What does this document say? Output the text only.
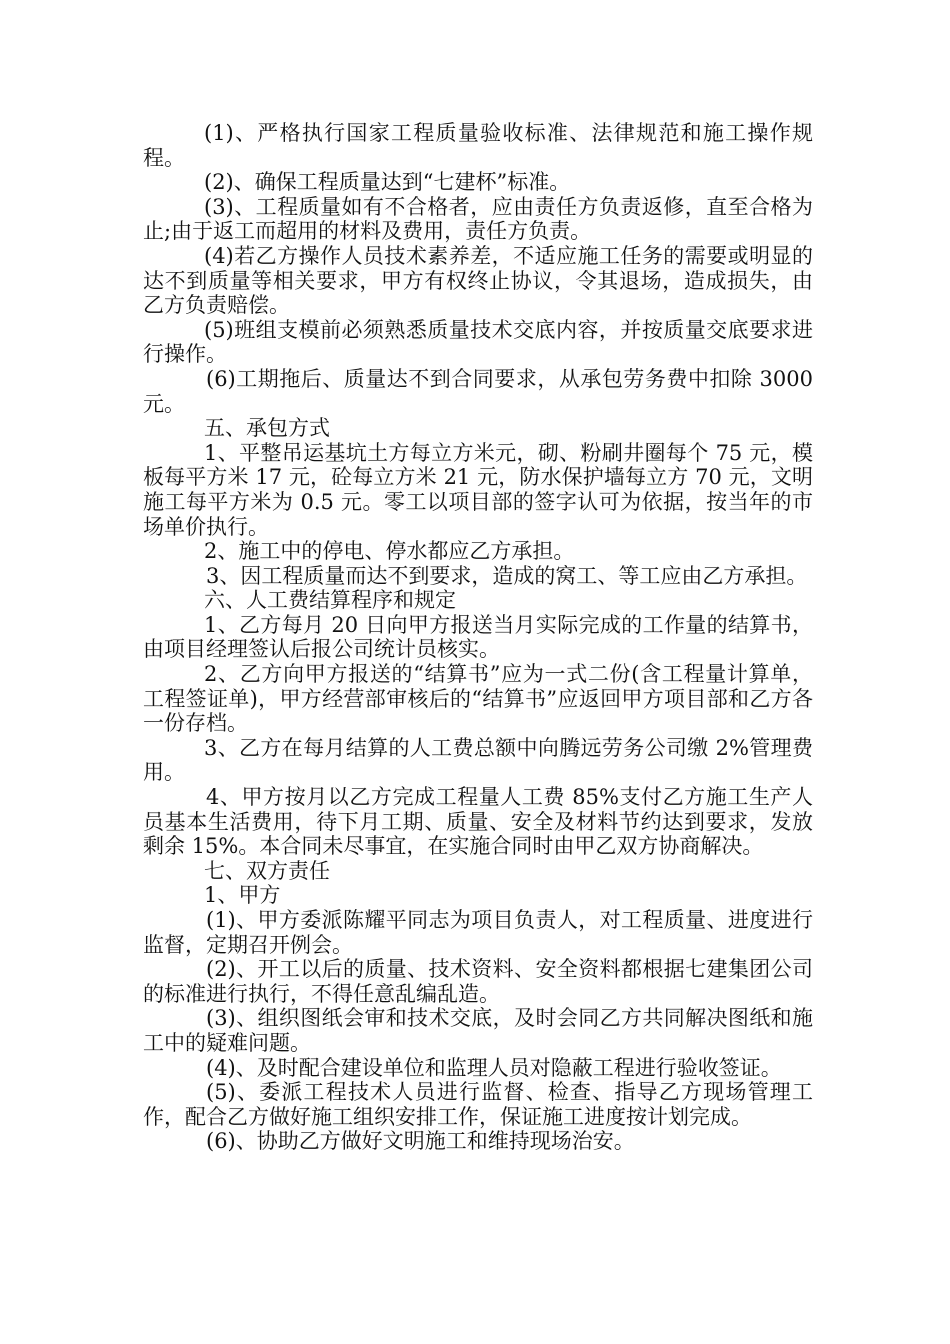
(1)、严格执行国家工程质量验收标准、法律规范和施工操作规程。

(2)、确保工程质量达到“七建杯”标准。

(3)、工程质量如有不合格者，应由责任方负责返修，直至合格为止;由于返工而超用的材料及费用，责任方负责。

(4)若乙方操作人员技术素养差，不适应施工任务的需要或明显的达不到质量等相关要求，甲方有权终止协议，令其退场，造成损失，由乙方负责赔偿。

(5)班组支模前必须熟悉质量技术交底内容，并按质量交底要求进行操作。

(6)工期拖后、质量达不到合同要求，从承包劳务费中扣除 3000 元。

五、承包方式

1、平整吊运基坑土方每立方米元，砌、粉刷井圈每个 75 元，模板每平方米 17 元，砼每立方米 21 元，防水保护墙每立方 70 元，文明施工每平方米为 0.5 元。零工以项目部的签字认可为依据，按当年的市场单价执行。

2、施工中的停电、停水都应乙方承担。

3、因工程质量而达不到要求，造成的窝工、等工应由乙方承担。

六、人工费结算程序和规定

1、乙方每月 20 日向甲方报送当月实际完成的工作量的结算书，由项目经理签认后报公司统计员核实。

2、乙方向甲方报送的“结算书”应为一式二份(含工程量计算单，工程签证单)，甲方经营部审核后的“结算书”应返回甲方项目部和乙方各一份存档。

3、乙方在每月结算的人工费总额中向腾远劳务公司缴 2%管理费用。

4、甲方按月以乙方完成工程量人工费 85%支付乙方施工生产人员基本生活费用，待下月工期、质量、安全及材料节约达到要求，发放剩余 15%。本合同未尽事宜，在实施合同时由甲乙双方协商解决。

七、双方责任

1、甲方

(1)、甲方委派陈耀平同志为项目负责人，对工程质量、进度进行监督，定期召开例会。

(2)、开工以后的质量、技术资料、安全资料都根据七建集团公司的标准进行执行，不得任意乱编乱造。

(3)、组织图纸会审和技术交底，及时会同乙方共同解决图纸和施工中的疑难问题。

(4)、及时配合建设单位和监理人员对隐蔽工程进行验收签证。

(5)、委派工程技术人员进行监督、检查、指导乙方现场管理工作，配合乙方做好施工组织安排工作，保证施工进度按计划完成。

(6)、协助乙方做好文明施工和维持现场治安。
